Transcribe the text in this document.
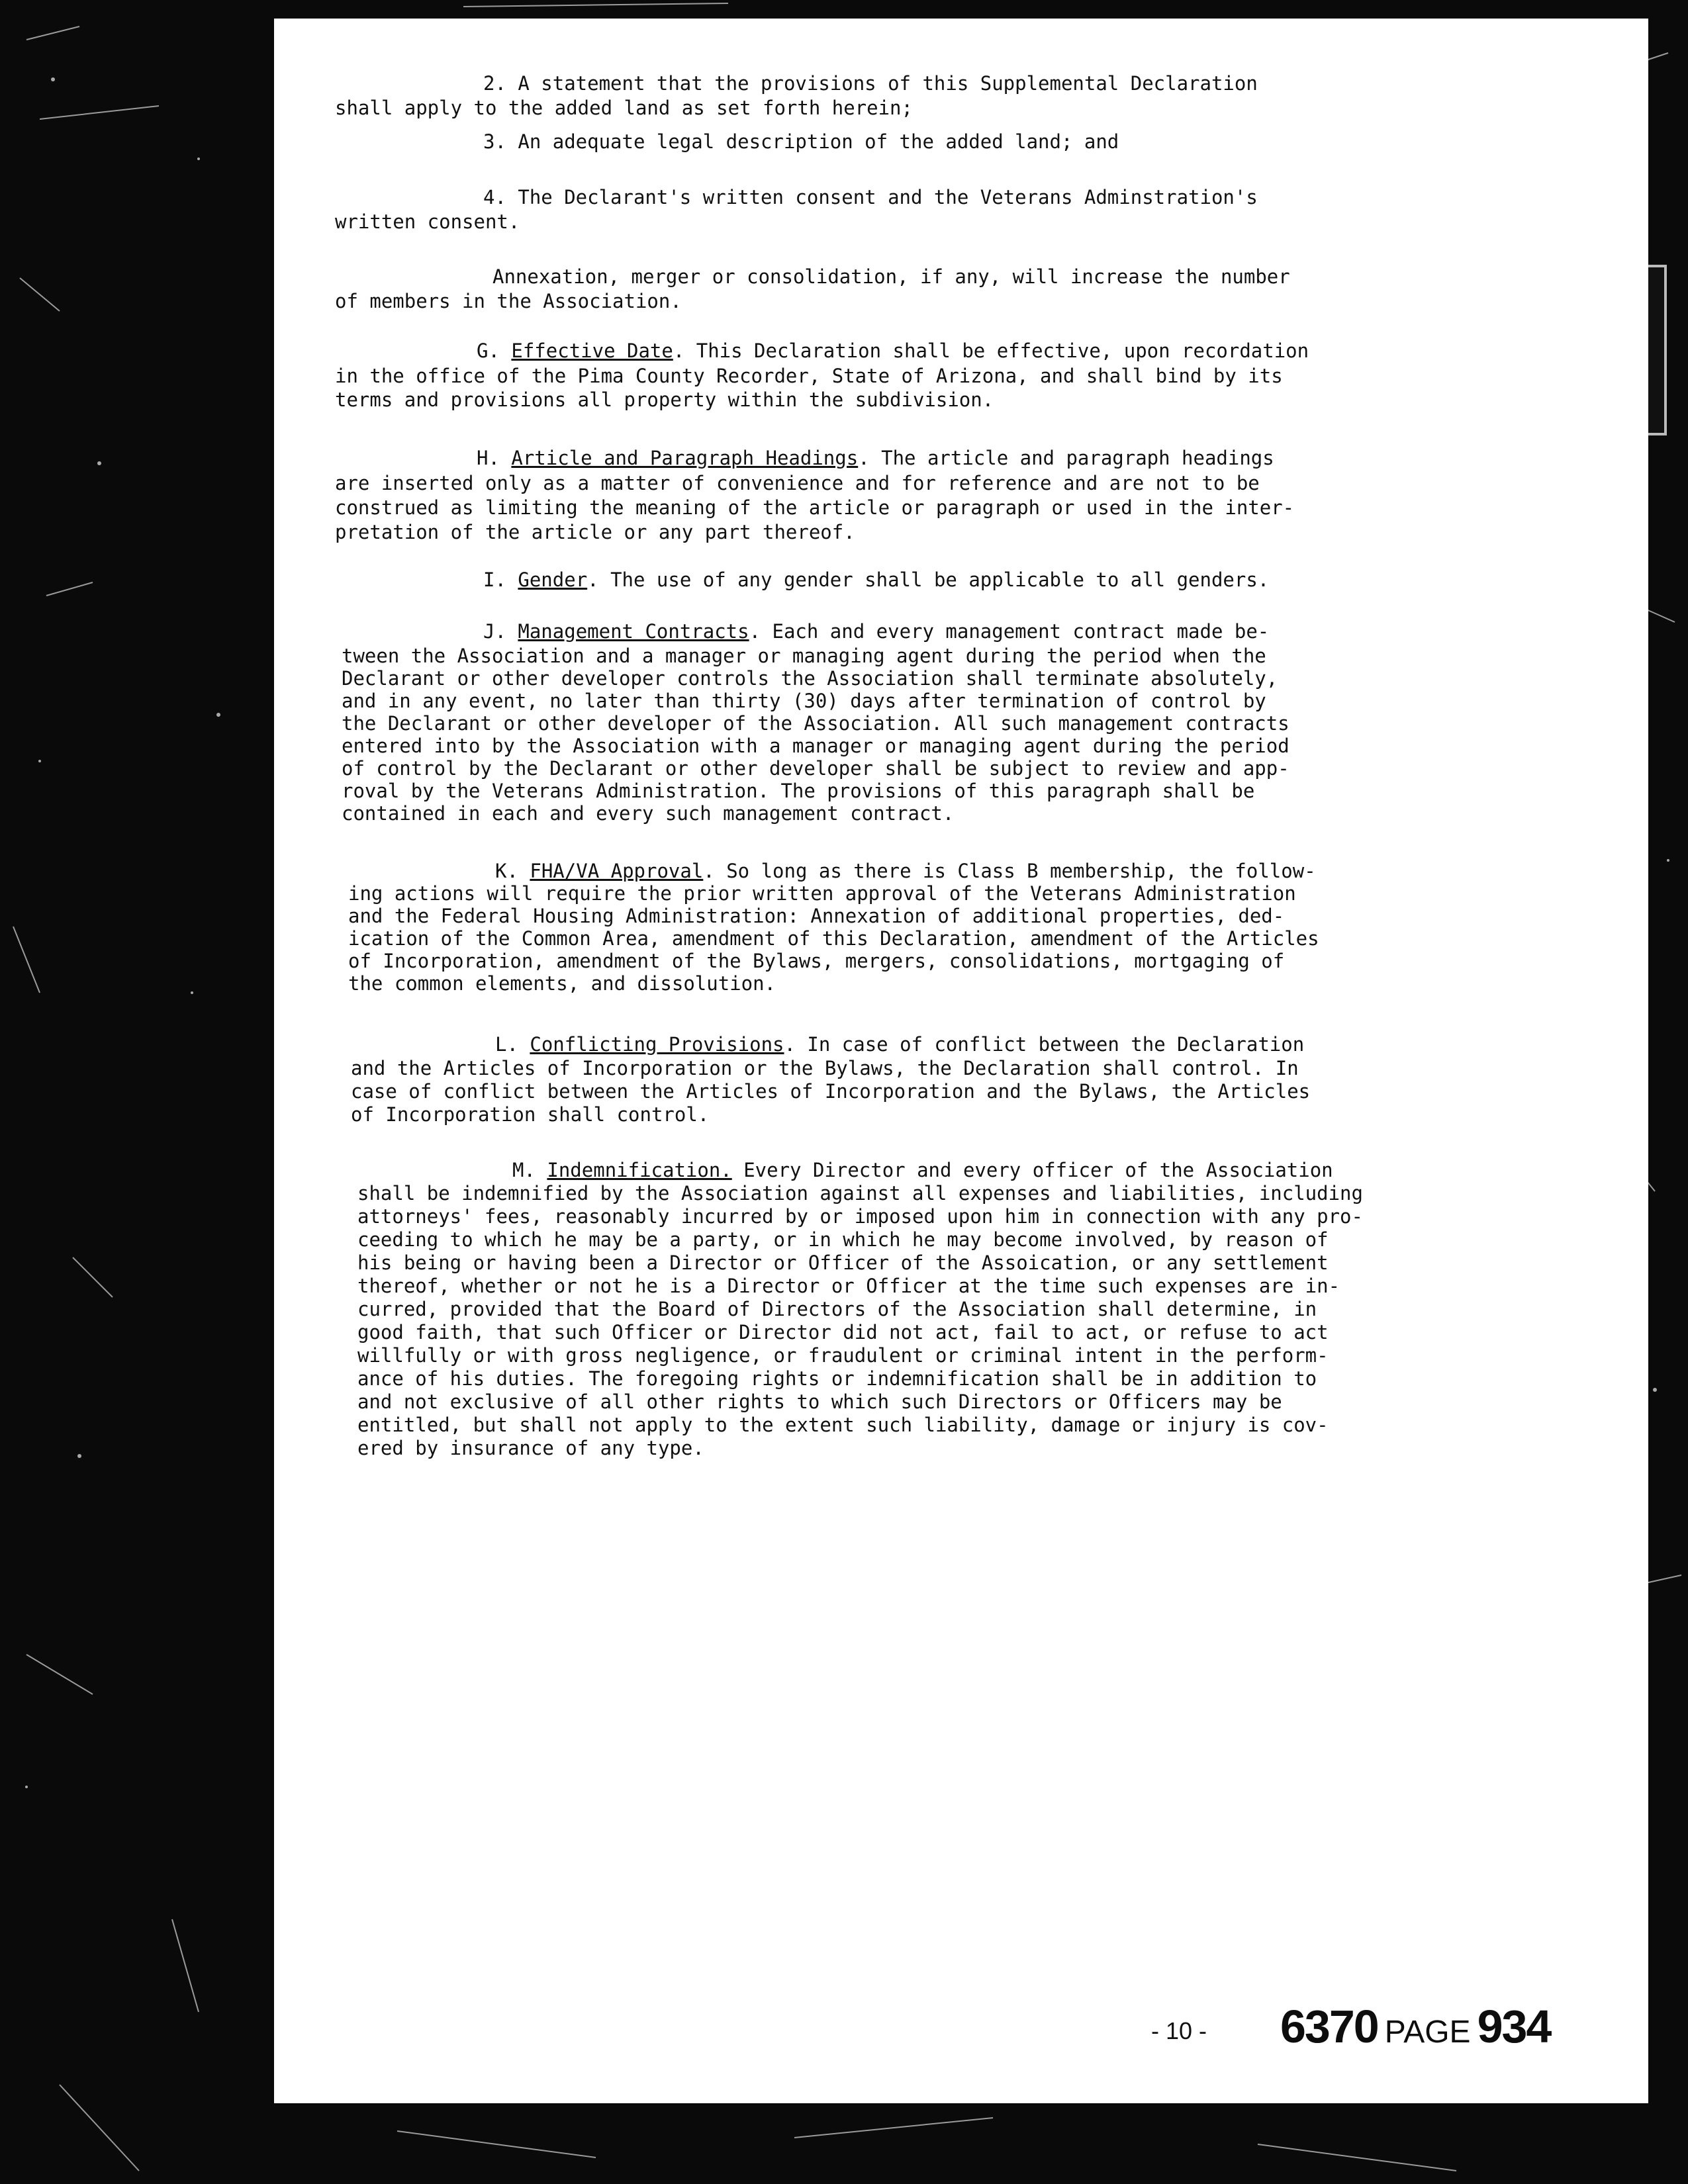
2. A statement that the provisions of this Supplemental Declaration
shall apply to the added land as set forth herein;
3. An adequate legal description of the added land; and
4. The Declarant's written consent and the Veterans Adminstration's
written consent.
Annexation, merger or consolidation, if any, will increase the number
of members in the Association.
G. Effective Date. This Declaration shall be effective, upon recordation
in the office of the Pima County Recorder, State of Arizona, and shall bind by its
terms and provisions all property within the subdivision.
H. Article and Paragraph Headings. The article and paragraph headings
are inserted only as a matter of convenience and for reference and are not to be
construed as limiting the meaning of the article or paragraph or used in the inter-
pretation of the article or any part thereof.
I. Gender. The use of any gender shall be applicable to all genders.
J. Management Contracts. Each and every management contract made be-
tween the Association and a manager or managing agent during the period when the
Declarant or other developer controls the Association shall terminate absolutely,
and in any event, no later than thirty (30) days after termination of control by
the Declarant or other developer of the Association. All such management contracts
entered into by the Association with a manager or managing agent during the period
of control by the Declarant or other developer shall be subject to review and app-
roval by the Veterans Administration. The provisions of this paragraph shall be
contained in each and every such management contract.
K. FHA/VA Approval. So long as there is Class B membership, the follow-
ing actions will require the prior written approval of the Veterans Administration
and the Federal Housing Administration: Annexation of additional properties, ded-
ication of the Common Area, amendment of this Declaration, amendment of the Articles
of Incorporation, amendment of the Bylaws, mergers, consolidations, mortgaging of
the common elements, and dissolution.
L. Conflicting Provisions. In case of conflict between the Declaration
and the Articles of Incorporation or the Bylaws, the Declaration shall control. In
case of conflict between the Articles of Incorporation and the Bylaws, the Articles
of Incorporation shall control.
M. Indemnification. Every Director and every officer of the Association
shall be indemnified by the Association against all expenses and liabilities, including
attorneys' fees, reasonably incurred by or imposed upon him in connection with any pro-
ceeding to which he may be a party, or in which he may become involved, by reason of
his being or having been a Director or Officer of the Assoication, or any settlement
thereof, whether or not he is a Director or Officer at the time such expenses are in-
curred, provided that the Board of Directors of the Association shall determine, in
good faith, that such Officer or Director did not act, fail to act, or refuse to act
willfully or with gross negligence, or fraudulent or criminal intent in the perform-
ance of his duties. The foregoing rights or indemnification shall be in addition to
and not exclusive of all other rights to which such Directors or Officers may be
entitled, but shall not apply to the extent such liability, damage or injury is cov-
ered by insurance of any type.
- 10 - 6370 PAGE 934
